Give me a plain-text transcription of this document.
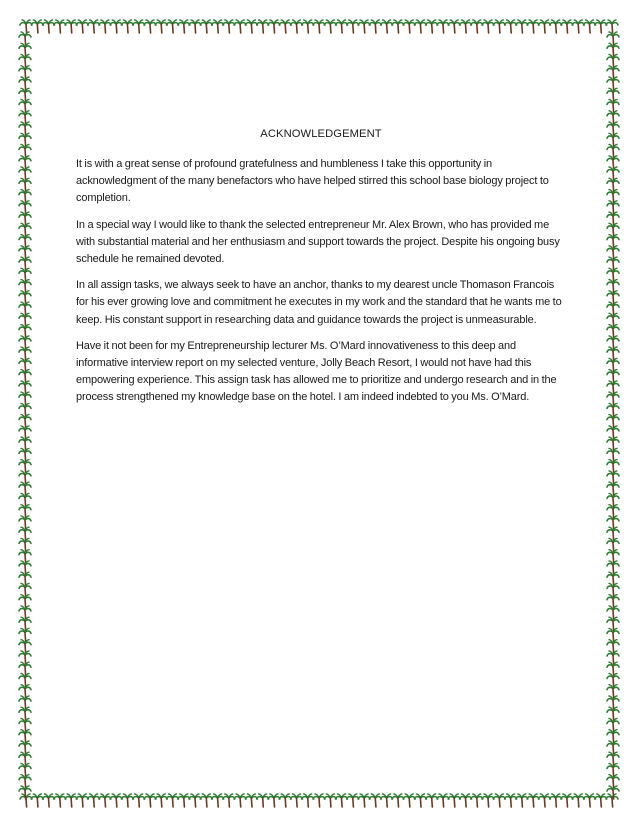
ACKNOWLEDGEMENT

It is with a great sense of profound gratefulness and humbleness I take this opportunity in acknowledgment of the many benefactors who have helped stirred this school base biology project to completion.

In a special way I would like to thank the selected entrepreneur Mr. Alex Brown, who has provided me with substantial material and her enthusiasm and support towards the project. Despite his ongoing busy schedule he remained devoted.

In all assign tasks, we always seek to have an anchor, thanks to my dearest uncle Thomason Francois for his ever growing love and commitment he executes in my work and the standard that he wants me to keep. His constant support in researching data and guidance towards the project is unmeasurable.

Have it not been for my Entrepreneurship lecturer Ms. O’Mard innovativeness to this deep and informative interview report on my selected venture, Jolly Beach Resort, I would not have had this empowering experience. This assign task has allowed me to prioritize and undergo research and in the process strengthened my knowledge base on the hotel. I am indeed indebted to you Ms. O’Mard.
